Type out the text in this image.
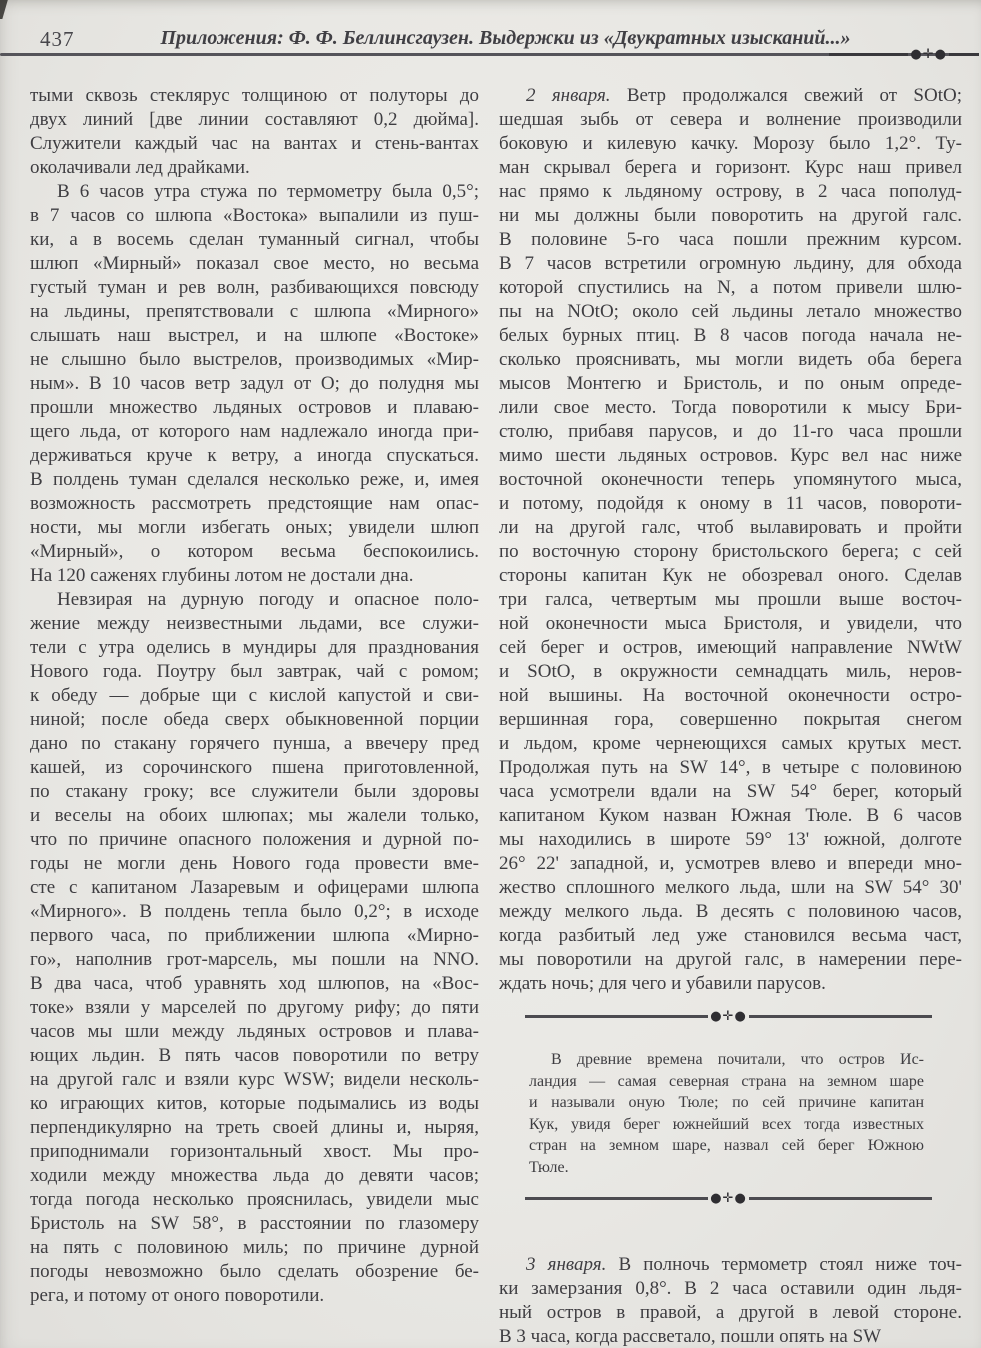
437	Приложения: Ф. Ф. Беллинсгаузен. Выдержки из «Двукратных изысканий...»
●✛●
тыми сквозь стеклярус толщиною от полуторы до
двух линий [две линии составляют 0,2 дюйма].
Служители каждый час на вантах и стень-вантах
околачивали лед драйками.
В 6 часов утра стужа по термометру была 0,5°;
в 7 часов со шлюпа «Востока» выпалили из пуш-
ки, а в восемь сделан туманный сигнал, чтобы
шлюп «Мирный» показал свое место, но весьма
густый туман и рев волн, разбивающихся повсюду
на льдины, препятствовали с шлюпа «Мирного»
слышать наш выстрел, и на шлюпе «Востоке»
не слышно было выстрелов, производимых «Мир-
ным». В 10 часов ветр задул от О; до полудня мы
прошли множество льдяных островов и плаваю-
щего льда, от которого нам надлежало иногда при-
держиваться круче к ветру, а иногда спускаться.
В полдень туман сделался несколько реже, и, имея
возможность рассмотреть предстоящие нам опас-
ности, мы могли избегать оных; увидели шлюп
«Мирный», о котором весьма беспокоились.
На 120 саженях глубины лотом не достали дна.
Невзирая на дурную погоду и опасное поло-
жение между неизвестными льдами, все служи-
тели с утра оделись в мундиры для празднования
Нового года. Поутру был завтрак, чай с ромом;
к обеду — добрые щи с кислой капустой и сви-
ниной; после обеда сверх обыкновенной порции
дано по стакану горячего пунша, а ввечеру пред
кашей, из сорочинского пшена приготовленной,
по стакану гроку; все служители были здоровы
и веселы на обоих шлюпах; мы жалели только,
что по причине опасного положения и дурной по-
годы не могли день Нового года провести вме-
сте с капитаном Лазаревым и офицерами шлюпа
«Мирного». В полдень тепла было 0,2°; в исходе
первого часа, по приближении шлюпа «Мирно-
го», наполнив грот-марсель, мы пошли на NNO.
В два часа, чтоб уравнять ход шлюпов, на «Вос-
токе» взяли у марселей по другому рифу; до пяти
часов мы шли между льдяных островов и плава-
ющих льдин. В пять часов поворотили по ветру
на другой галс и взяли курс WSW; видели несколь-
ко играющих китов, которые подымались из воды
перпендикулярно на треть своей длины и, ныряя,
приподнимали горизонтальный хвост. Мы про-
ходили между множества льда до девяти часов;
тогда погода несколько прояснилась, увидели мыс
Бристоль на SW 58°, в расстоянии по глазомеру
на пять с половиною миль; по причине дурной
погоды невозможно было сделать обозрение бе-
рега, и потому от оного поворотили.
2 января. Ветр продолжался свежий от SOtO;
шедшая зыбь от севера и волнение производили
боковую и килевую качку. Морозу было 1,2°. Ту-
ман скрывал берега и горизонт. Курс наш привел
нас прямо к льдяному острову, в 2 часа пополуд-
ни мы должны были поворотить на другой галс.
В половине 5-го часа пошли прежним курсом.
В 7 часов встретили огромную льдину, для обхода
которой спустились на N, а потом привели шлю-
пы на NOtO; около сей льдины летало множество
белых бурных птиц. В 8 часов погода начала не-
сколько прояснивать, мы могли видеть оба берега
мысов Монтегю и Бристоль, и по оным опреде-
лили свое место. Тогда поворотили к мысу Бри-
столю, прибавя парусов, и до 11-го часа прошли
мимо шести льдяных островов. Курс вел нас ниже
восточной оконечности теперь упомянутого мыса,
и потому, подойдя к оному в 11 часов, повороти-
ли на другой галс, чтоб вылавировать и пройти
по восточную сторону бристольского берега; с сей
стороны капитан Кук не обозревал оного. Сделав
три галса, четвертым мы прошли выше восточ-
ной оконечности мыса Бристоля, и увидели, что
сей берег и остров, имеющий направление NWtW
и SOtO, в окружности семнадцать миль, неров-
ной вышины. На восточной оконечности остро-
вершинная гора, совершенно покрытая снегом
и льдом, кроме чернеющихся самых крутых мест.
Продолжая путь на SW 14°, в четыре с половиною
часа усмотрели вдали на SW 54° берег, который
капитаном Куком назван Южная Тюле. В 6 часов
мы находились в широте 59° 13' южной, долготе
26° 22' западной, и, усмотрев влево и впереди мно-
жество сплошного мелкого льда, шли на SW 54° 30'
между мелкого льда. В десять с половиною часов,
когда разбитый лед уже становился весьма част,
мы поворотили на другой галс, в намерении пере-
ждать ночь; для чего и убавили парусов.
●✛●
В древние времена почитали, что остров Ис-
ландия — самая северная страна на земном шаре
и называли оную Тюле; по сей причине капитан
Кук, увидя берег южнейший всех тогда известных
стран на земном шаре, назвал сей берег Южною
Тюле.
●✛●
3 января. В полночь термометр стоял ниже точ-
ки замерзания 0,8°. В 2 часа оставили один льдя-
ный остров в правой, а другой в левой стороне.
В 3 часа, когда рассветало, пошли опять на SW
